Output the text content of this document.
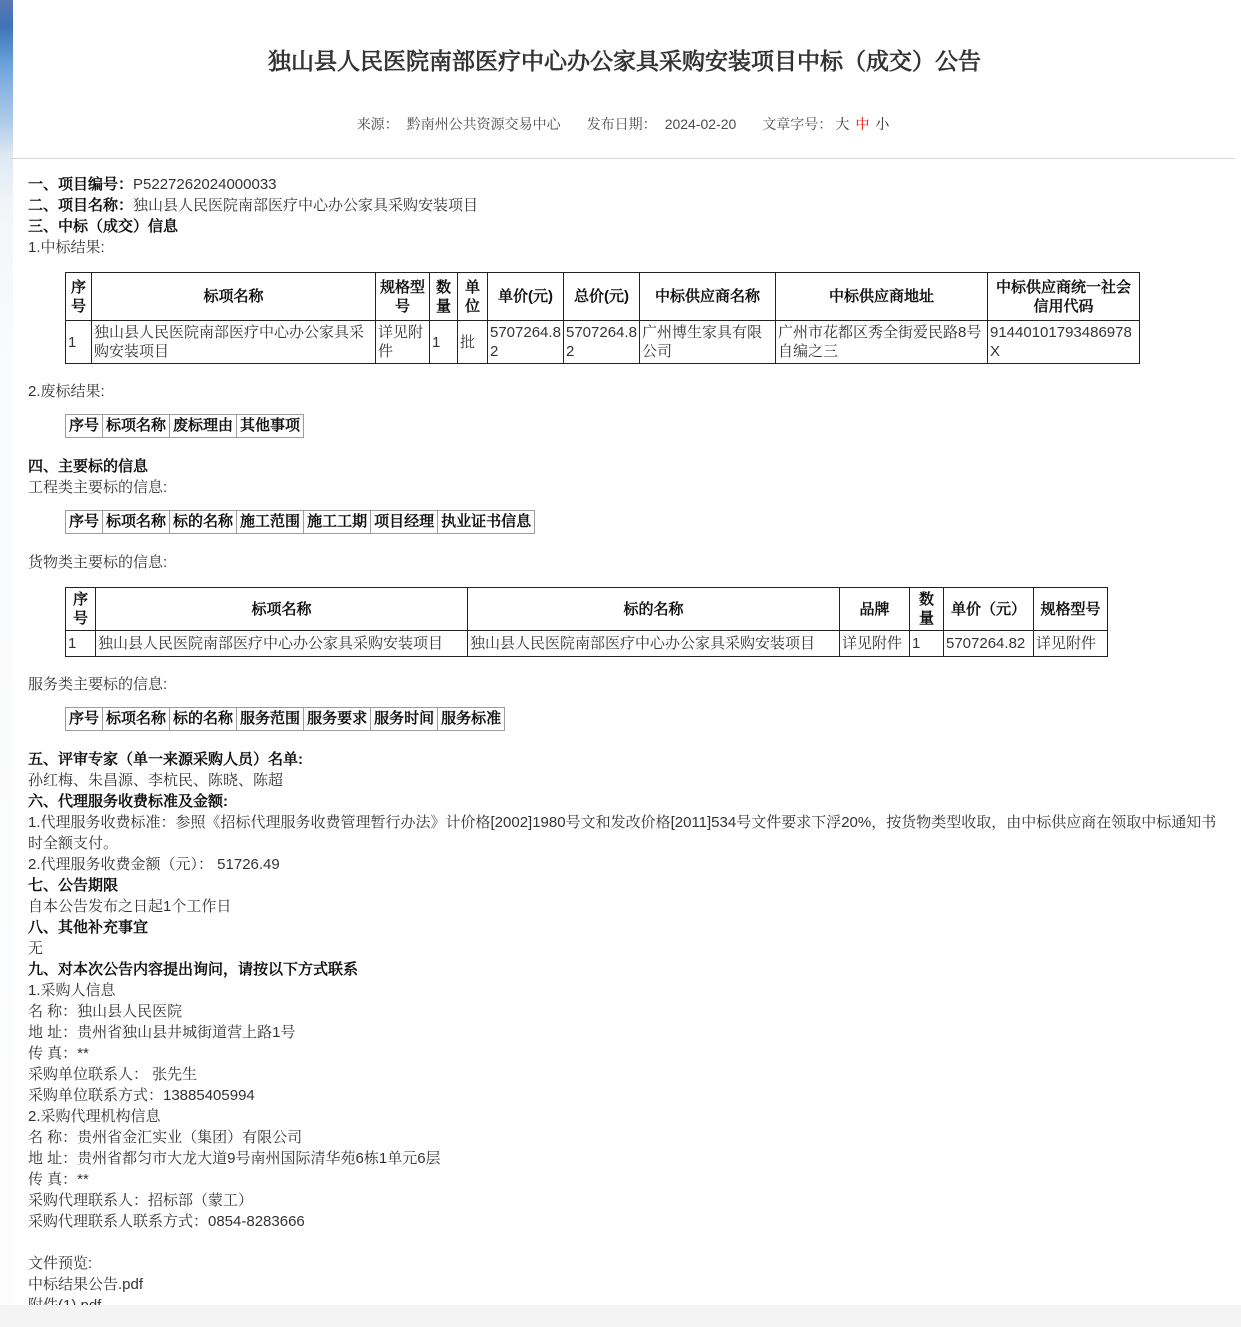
独山县人民医院南部医疗中心办公家具采购安装项目中标（成交）公告
来源： 黔南州公共资源交易中心 发布日期： 2024-02-20 文章字号： 大 中 小

一、项目编号：P5227262024000033

二、项目名称：独山县人民医院南部医疗中心办公家具采购安装项目

三、中标（成交）信息

1.中标结果:

序号	标项名称	规格型号	数量	单位	单价(元)	总价(元)	中标供应商名称	中标供应商地址	中标供应商统一社会信用代码
1	独山县人民医院南部医疗中心办公家具采购安装项目	详见附件	1	批	5707264.82	5707264.82	广州博生家具有限公司	广州市花都区秀全街爱民路8号自编之三	91440101793486978X

2.废标结果:

序号	标项名称	废标理由	其他事项

四、主要标的信息

工程类主要标的信息:

序号	标项名称	标的名称	施工范围	施工工期	项目经理	执业证书信息

货物类主要标的信息:

序号	标项名称	标的名称	品牌	数量	单价（元）	规格型号
1	独山县人民医院南部医疗中心办公家具采购安装项目	独山县人民医院南部医疗中心办公家具采购安装项目	详见附件	1	5707264.82	详见附件

服务类主要标的信息:

序号	标项名称	标的名称	服务范围	服务要求	服务时间	服务标准

五、评审专家（单一来源采购人员）名单:

孙红梅、朱昌源、李杭民、陈晓、陈超

六、代理服务收费标准及金额:

1.代理服务收费标准：参照《招标代理服务收费管理暂行办法》计价格[2002]1980号文和发改价格[2011]534号文件要求下浮20%，按货物类型收取，由中标供应商在领取中标通知书时全额支付。

2.代理服务收费金额（元）： 51726.49

七、公告期限

自本公告发布之日起1个工作日

八、其他补充事宜

无

九、对本次公告内容提出询问，请按以下方式联系

1.采购人信息

名 称：独山县人民医院

地 址：贵州省独山县井城街道营上路1号

传 真：**

采购单位联系人： 张先生

采购单位联系方式：13885405994

2.采购代理机构信息

名 称：贵州省金汇实业（集团）有限公司

地 址：贵州省都匀市大龙大道9号南州国际清华苑6栋1单元6层

传 真：**

采购代理联系人：招标部（蒙工）

采购代理联系人联系方式：0854-8283666

文件预览:

中标结果公告.pdf
